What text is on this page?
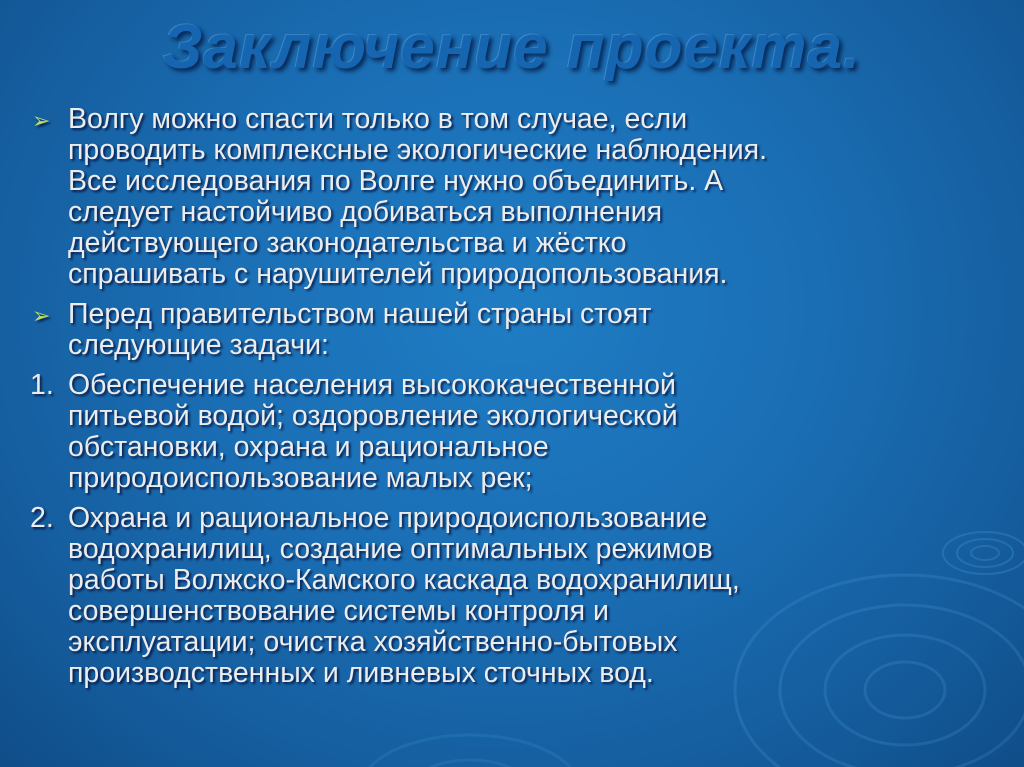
Заключение проекта.
➢ Волгу можно спасти только в том случае, если
проводить комплексные экологические наблюдения.
Все исследования по Волге нужно объединить. А
следует настойчиво добиваться выполнения
действующего законодательства и жёстко
спрашивать с нарушителей природопользования.
➢ Перед правительством нашей страны стоят
следующие задачи:
1. Обеспечение населения высококачественной
питьевой водой; оздоровление экологической
обстановки, охрана и рациональное
природоиспользование малых рек;
2. Охрана и рациональное природоиспользование
водохранилищ, создание оптимальных режимов
работы Волжско-Камского каскада водохранилищ,
совершенствование системы контроля и
эксплуатации; очистка хозяйственно-бытовых
производственных и ливневых сточных вод.
